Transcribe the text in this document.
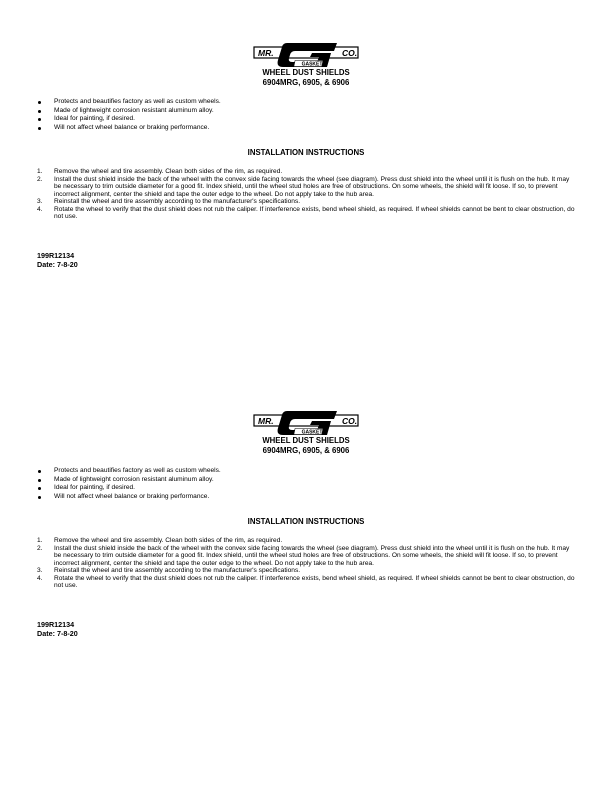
MR.	CO.
GASKET
WHEEL DUST SHIELDS
6904MRG, 6905, & 6906
Protects and beautifies factory as well as custom wheels.
Made of lightweight corrosion resistant aluminum alloy.
Ideal for painting, if desired.
Will not affect wheel balance or braking performance.
INSTALLATION INSTRUCTIONS
1. Remove the wheel and tire assembly. Clean both sides of the rim, as required.
2. Install the dust shield inside the back of the wheel with the convex side facing towards the wheel (see diagram). Press dust shield into the wheel until it is flush on the hub. It may be necessary to trim outside diameter for a good fit. Index shield, until the wheel stud holes are free of obstructions. On some wheels, the shield will fit loose. If so, to prevent incorrect alignment, center the shield and tape the outer edge to the wheel. Do not apply take to the hub area.
3. Reinstall the wheel and tire assembly according to the manufacturer's specifications.
4. Rotate the wheel to verify that the dust shield does not rub the caliper. If interference exists, bend wheel shield, as required. If wheel shields cannot be bent to clear obstruction, do not use.
199R12134
Date: 7-8-20
MR.	CO.
GASKET
WHEEL DUST SHIELDS
6904MRG, 6905, & 6906
Protects and beautifies factory as well as custom wheels.
Made of lightweight corrosion resistant aluminum alloy.
Ideal for painting, if desired.
Will not affect wheel balance or braking performance.
INSTALLATION INSTRUCTIONS
1. Remove the wheel and tire assembly. Clean both sides of the rim, as required.
2. Install the dust shield inside the back of the wheel with the convex side facing towards the wheel (see diagram). Press dust shield into the wheel until it is flush on the hub. It may be necessary to trim outside diameter for a good fit. Index shield, until the wheel stud holes are free of obstructions. On some wheels, the shield will fit loose. If so, to prevent incorrect alignment, center the shield and tape the outer edge to the wheel. Do not apply take to the hub area.
3. Reinstall the wheel and tire assembly according to the manufacturer's specifications.
4. Rotate the wheel to verify that the dust shield does not rub the caliper. If interference exists, bend wheel shield, as required. If wheel shields cannot be bent to clear obstruction, do not use.
199R12134
Date: 7-8-20
